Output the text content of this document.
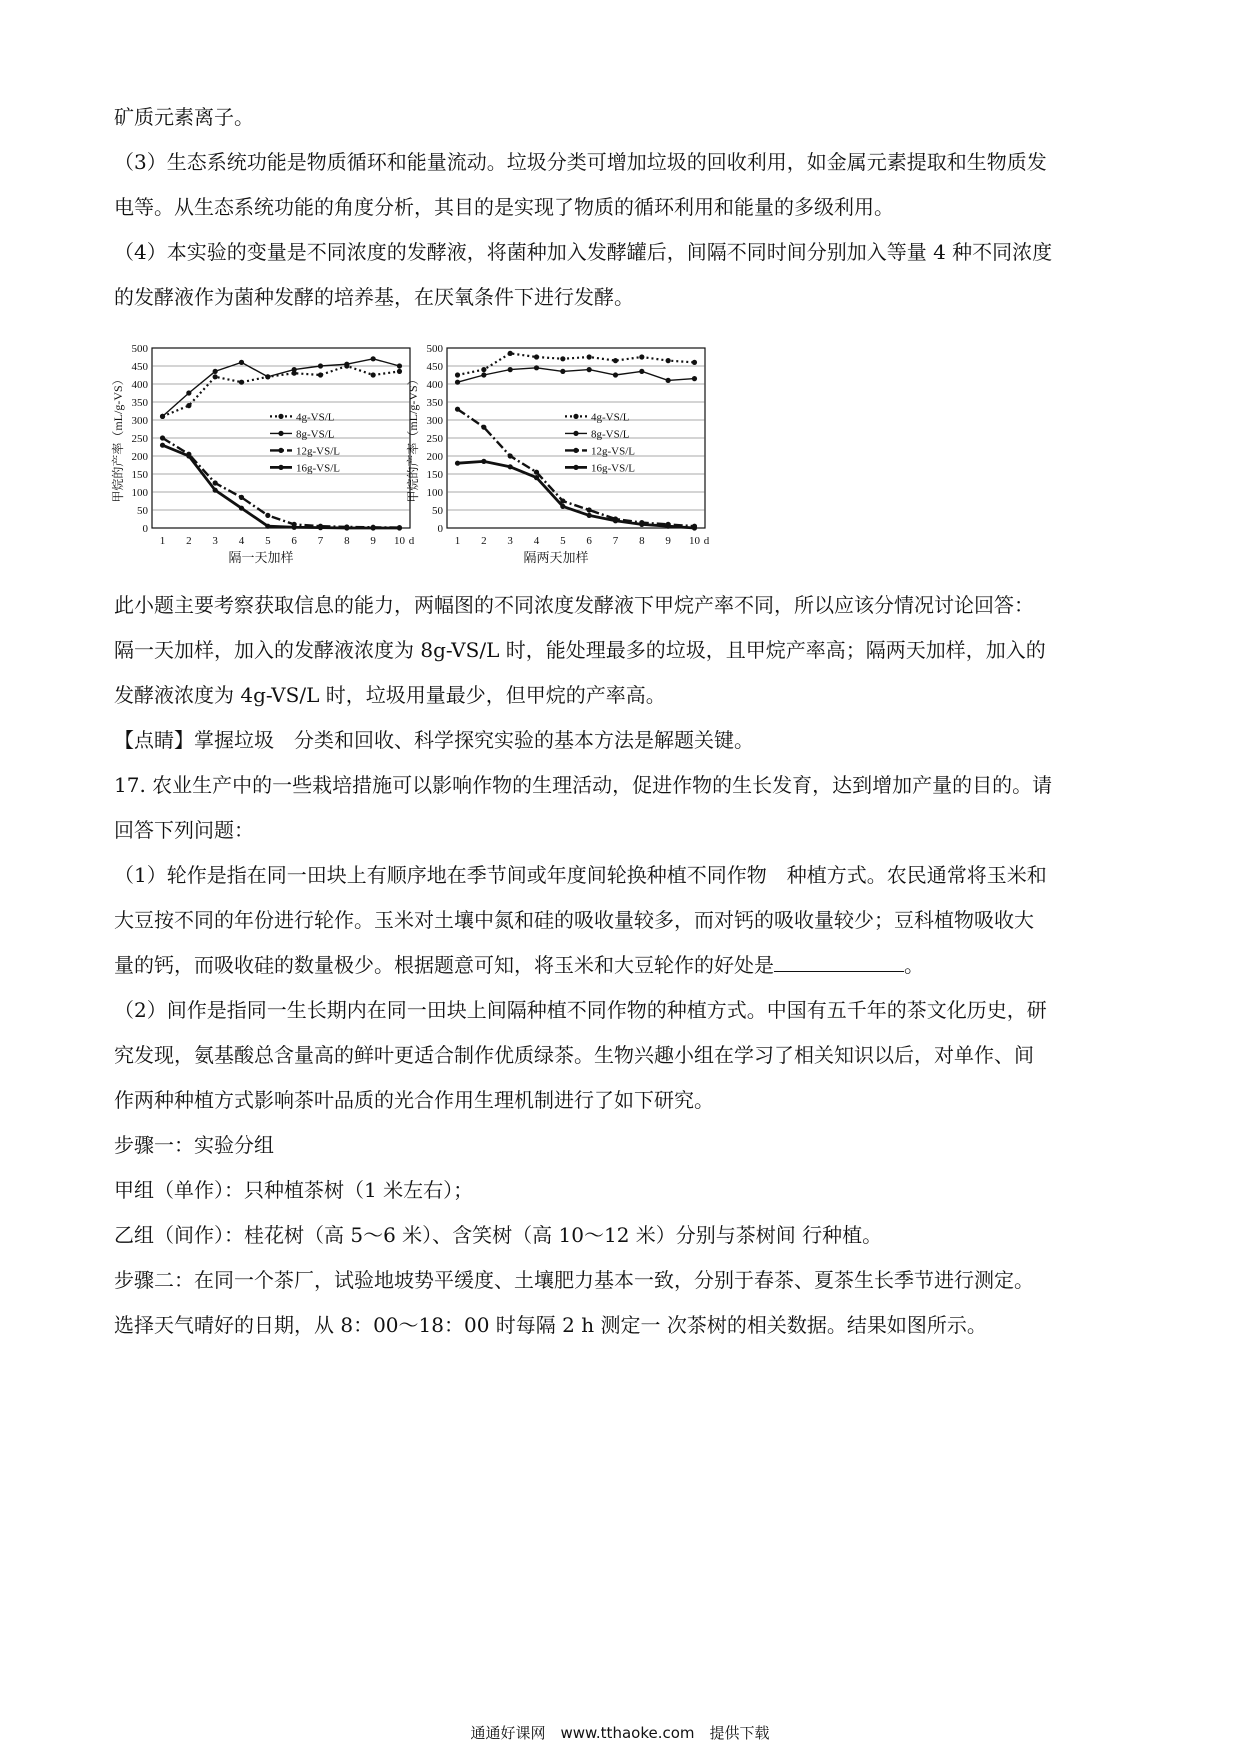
矿质元素离子。
（3）生态系统功能是物质循环和能量流动。垃圾分类可增加垃圾的回收利用，如金属元素提取和生物质发
电等。从生态系统功能的角度分析，其目的是实现了物质的循环利用和能量的多级利用。
（4）本实验的变量是不同浓度的发酵液，将菌种加入发酵罐后，间隔不同时间分别加入等量 4 种不同浓度
的发酵液作为菌种发酵的培养基，在厌氧条件下进行发酵。
0
50
100
150
200
250
300
350
400
450
500
1 2 3 4 5 6 7 8 9 10 d
隔一天加样
甲烷的产率（mL/g-VS）	4g-VS/L
8g-VS/L
12g-VS/L
16g-VS/L
0
50
100
150
200
250
300
350
400
450
500
1 2 3 4 5 6 7 8 9 10 d
隔两天加样
甲烷的产率（mL/g-VS）	4g-VS/L
8g-VS/L
12g-VS/L
16g-VS/L
此小题主要考察获取信息的能力，两幅图的不同浓度发酵液下甲烷产率不同，所以应该分情况讨论回答：
隔一天加样，加入的发酵液浓度为 8g-VS/L 时，能处理最多的垃圾，且甲烷产率高；隔两天加样，加入的
发酵液浓度为 4g-VS/L 时，垃圾用量最少，但甲烷的产率高。
【点睛】掌握垃圾　分类和回收、科学探究实验的基本方法是解题关键。
17. 农业生产中的一些栽培措施可以影响作物的生理活动，促进作物的生长发育，达到增加产量的目的。请
回答下列问题：
（1）轮作是指在同一田块上有顺序地在季节间或年度间轮换种植不同作物　种植方式。农民通常将玉米和
大豆按不同的年份进行轮作。玉米对土壤中氮和硅的吸收量较多，而对钙的吸收量较少；豆科植物吸收大
量的钙，而吸收硅的数量极少。根据题意可知，将玉米和大豆轮作的好处是	。
（2）间作是指同一生长期内在同一田块上间隔种植不同作物的种植方式。中国有五千年的茶文化历史，研
究发现，氨基酸总含量高的鲜叶更适合制作优质绿茶。生物兴趣小组在学习了相关知识以后，对单作、间
作两种种植方式影响茶叶品质的光合作用生理机制进行了如下研究。
步骤一：实验分组
甲组（单作）：只种植茶树（1 米左右）；
乙组（间作）：桂花树（高 5～6 米）、含笑树（高 10～12 米）分别与茶树间 行种植。
步骤二：在同一个茶厂，试验地坡势平缓度、土壤肥力基本一致，分别于春茶、夏茶生长季节进行测定。
选择天气晴好的日期，从 8：00～18：00 时每隔 2 h 测定一 次茶树的相关数据。结果如图所示。
通通好课网　www.tthaoke.com　提供下载
